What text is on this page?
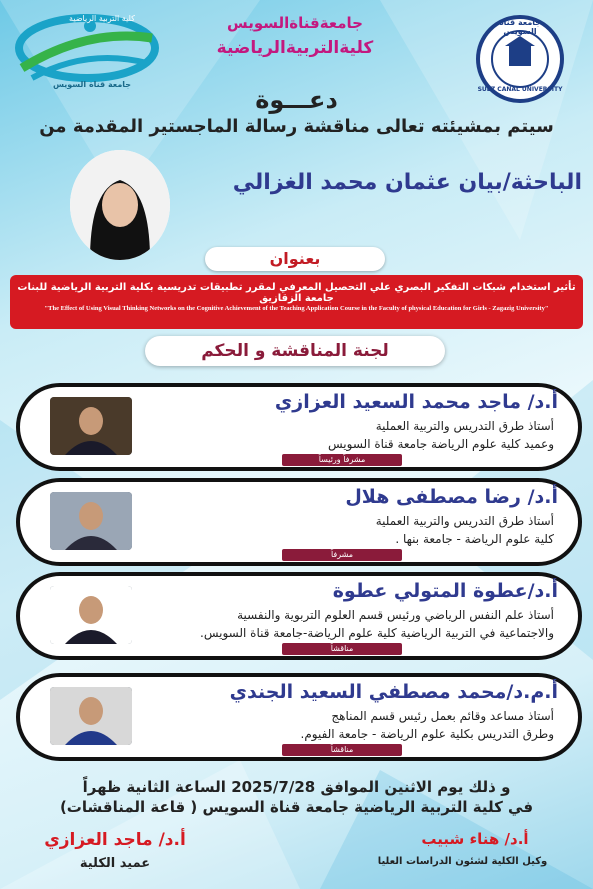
كلية التربية الرياضية
جامعة قناة السويس
جامعةقناةالسويس
كليةالتربيةالرياضية
جامعة قناة السويس
SUEZ CANAL UNIVERSITY
دعـــوة
سيتم بمشيئته تعالى مناقشة رسالة الماجستير المقدمة من
الباحثة/بيان عثمان محمد الغزالي
بعنوان
تأثير استخدام شبكات التفكير البصري علي التحصيل المعرفي لمقرر تطبيقات تدريسية بكلية التربية الرياضية للبنات جامعة الزقازيق
"The Effect of Using Visual Thinking Networks on the Cognitive Achievement of the Teaching Application Course in the Faculty of physical Education for Girls - Zagazig University"
لجنة المناقشة و الحكم
أ.د/ ماجد محمد السعيد العزازي
أستاذ طرق التدريس والتربية العملية
وعميد كلية علوم الرياضة جامعة قناة السويس
مشرفاً ورئيساً
أ.د/ رضا مصطفى هلال
أستاذ طرق التدريس والتربية العملية
كلية علوم الرياضة - جامعة بنها .
مشرفاً
أ.د/عطوة المتولي عطوة
أستاذ علم النفس الرياضي ورئيس قسم العلوم التربوية والنفسية
والاجتماعية في التربية الرياضية كلية علوم الرياضة-جامعة قناة السويس.
مناقشاً
أ.م.د/محمد مصطفي السعيد الجندي
أستاذ مساعد وقائم بعمل رئيس قسم المناهج
وطرق التدريس بكلية علوم الرياضة - جامعة الفيوم.
مناقشاً
و ذلك يوم الاثنين الموافق 2025/7/28 الساعة الثانية ظهراً
في كلية التربية الرياضية جامعة قناة السويس ( قاعة المناقشات)
أ.د/ ماجد العزازي
عميد الكلية
أ.د/ هناء شبيب
وكيل الكلية لشئون الدراسات العليا
